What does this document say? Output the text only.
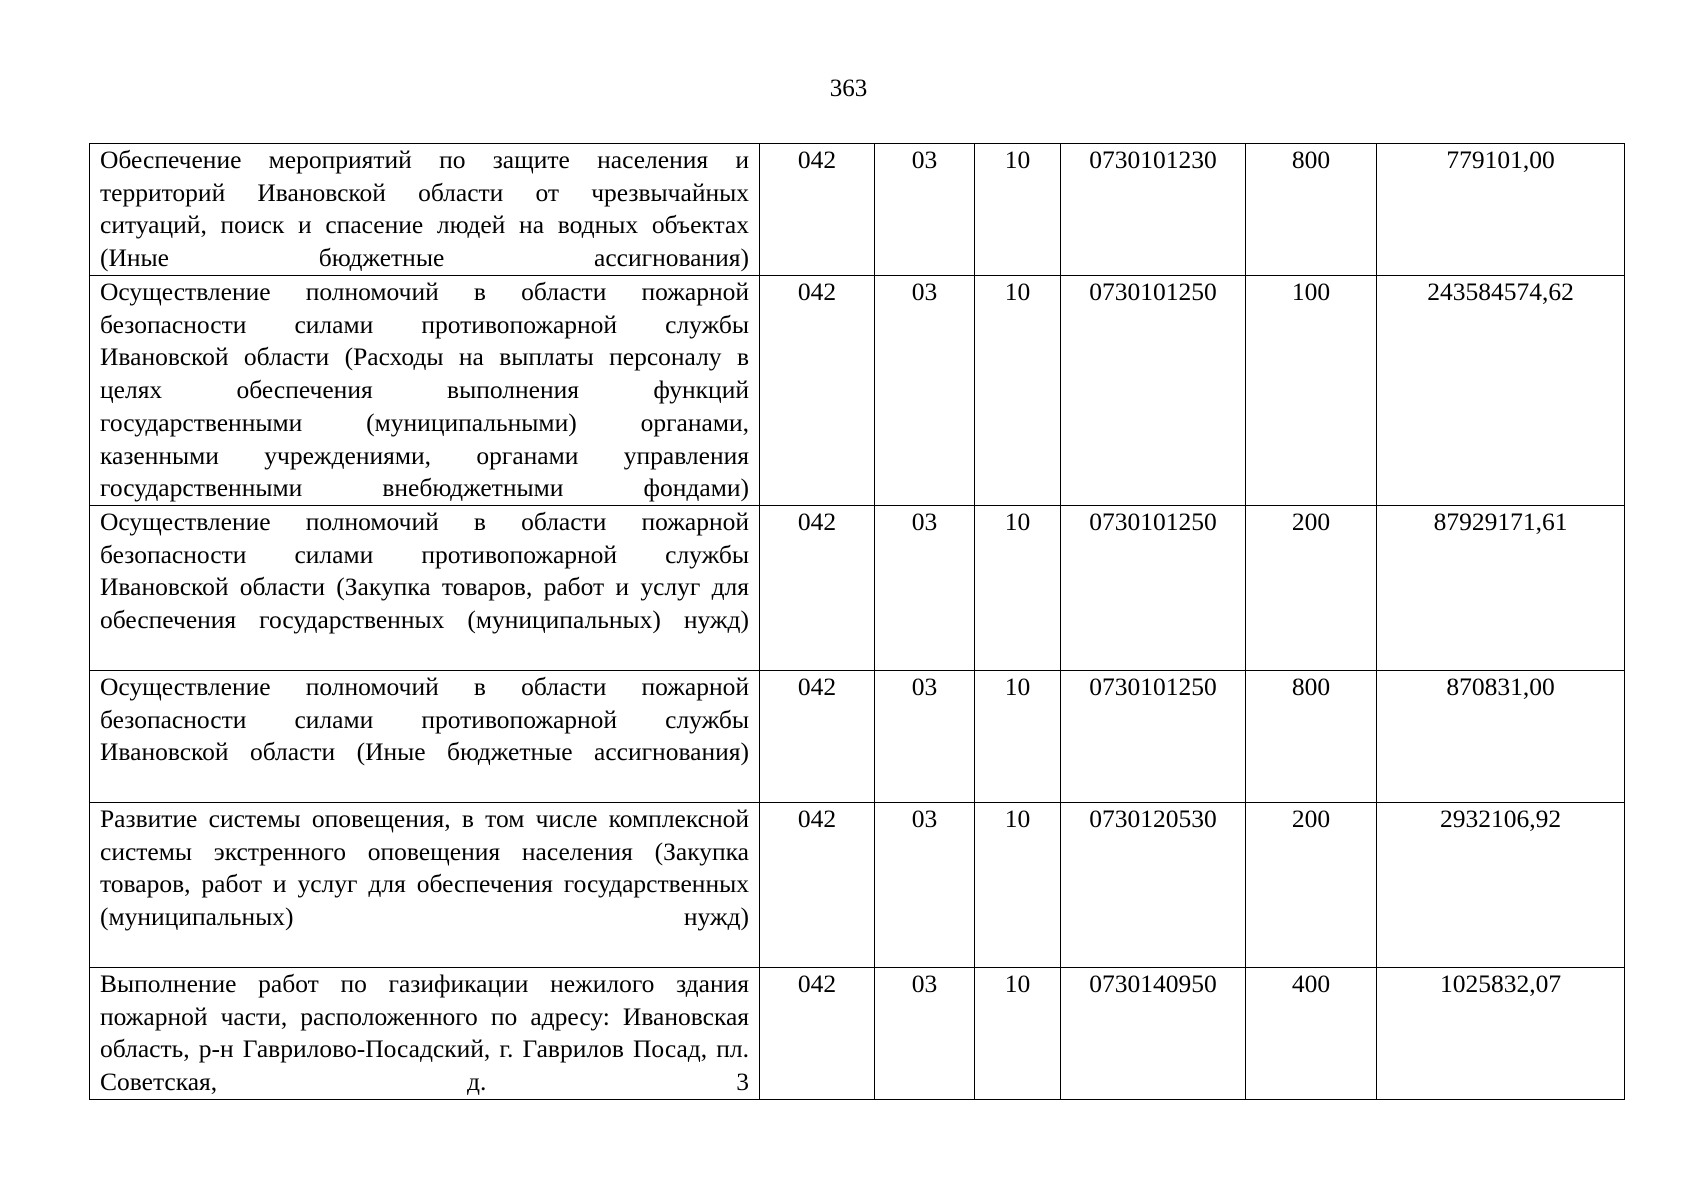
363
Обеспечение мероприятий по защите населения и территорий Ивановской области от чрезвычайных ситуаций, поиск и спасение людей на водных объектах (Иные бюджетные ассигнования)	042	03	10	0730101230	800	779101,00
Осуществление полномочий в области пожарной безопасности силами противопожарной службы Ивановской области (Расходы на выплаты персоналу в целях обеспечения выполнения функций государственными (муниципальными) органами, казенными учреждениями, органами управления государственными внебюджетными фондами)	042	03	10	0730101250	100	243584574,62
Осуществление полномочий в области пожарной безопасности силами противопожарной службы Ивановской области (Закупка товаров, работ и услуг для обеспечения государственных (муниципальных) нужд)	042	03	10	0730101250	200	87929171,61
Осуществление полномочий в области пожарной безопасности силами противопожарной службы Ивановской области (Иные бюджетные ассигнования)	042	03	10	0730101250	800	870831,00
Развитие системы оповещения, в том числе комплексной системы экстренного оповещения населения (Закупка товаров, работ и услуг для обеспечения государственных (муниципальных) нужд)	042	03	10	0730120530	200	2932106,92
Выполнение работ по газификации нежилого здания пожарной части, расположенного по адресу: Ивановская область, р-н Гаврилово-Посадский, г. Гаврилов Посад, пл. Советская, д. 3	042	03	10	0730140950	400	1025832,07
